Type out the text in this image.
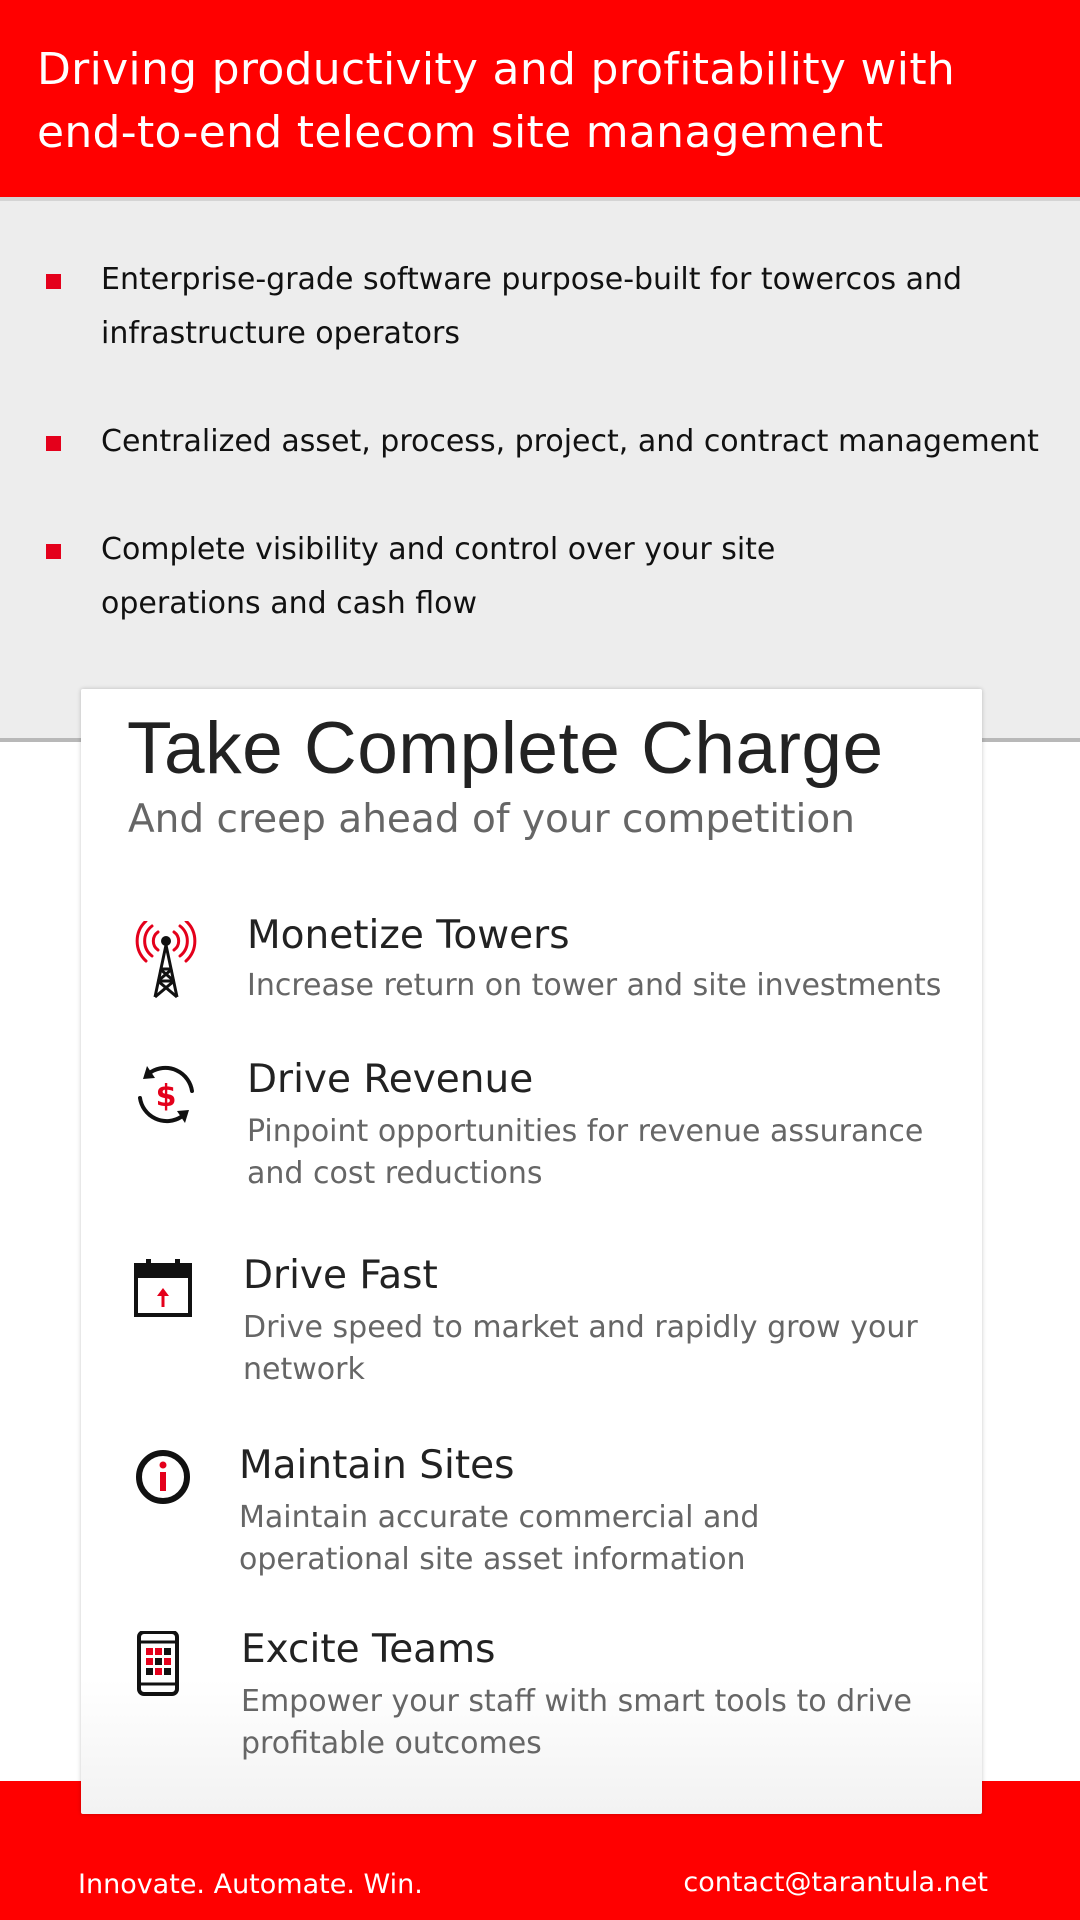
Driving productivity and profitability with end-to-end telecom site management
Enterprise-grade software purpose-built for towercos and infrastructure operators
Centralized asset, process, project, and contract management
Complete visibility and control over your site operations and cash flow
Innovate. Automate. Win.	contact@tarantula.net
Take Complete Charge
And creep ahead of your competition
Monetize Towers
Increase return on tower and site investments
$ Drive Revenue
Pinpoint opportunities for revenue assurance and cost reductions
Drive Fast
Drive speed to market and rapidly grow your network
Maintain Sites
Maintain accurate commercial and operational site asset information
Excite Teams
Empower your staff with smart tools to drive profitable outcomes
